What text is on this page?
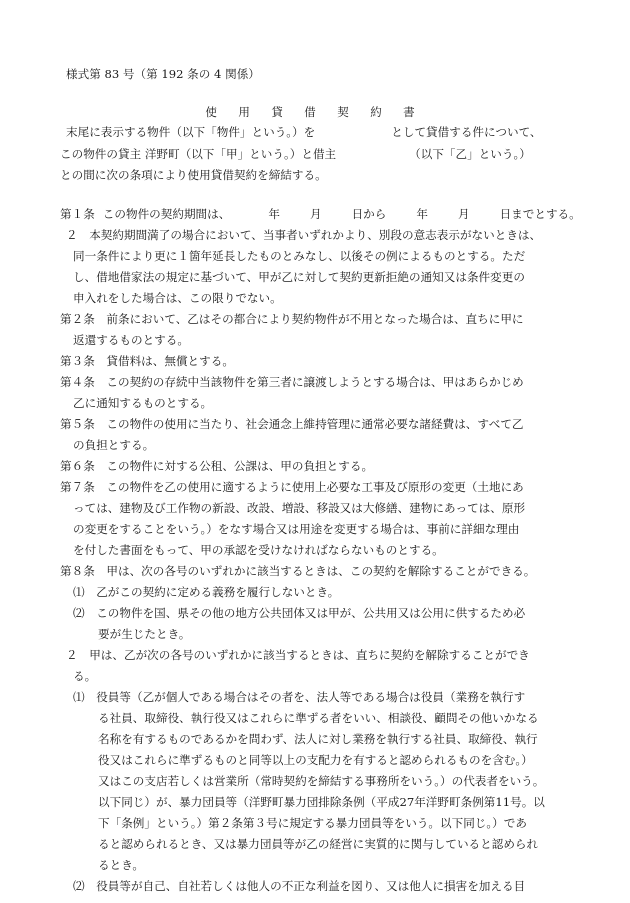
様式第 83 号（第 192 条の 4 関係）
使 用 貸 借 契 約 書
末尾に表示する物件（以下「物件」という。）を	として貸借する件について、
この物件の貸主 洋野町（以下「甲」という。）と借主	（以下「乙」という。）
との間に次の条項により使用貸借契約を締結する。
第１条 この物件の契約期間は、	年	月	日から	年	月	日までとする。
２　本契約期間満了の場合において、当事者いずれかより、別段の意志表示がないときは、
同一条件により更に１箇年延長したものとみなし、以後その例によるものとする。ただ
し、借地借家法の規定に基づいて、甲が乙に対して契約更新拒絶の通知又は条件変更の
申入れをした場合は、この限りでない。
第２条　前条において、乙はその都合により契約物件が不用となった場合は、直ちに甲に
返還するものとする。
第３条　貸借料は、無償とする。
第４条　この契約の存続中当該物件を第三者に譲渡しようとする場合は、甲はあらかじめ
乙に通知するものとする。
第５条　この物件の使用に当たり、社会通念上維持管理に通常必要な諸経費は、すべて乙
の負担とする。
第６条　この物件に対する公租、公課は、甲の負担とする。
第７条　この物件を乙の使用に適するように使用上必要な工事及び原形の変更（土地にあ
っては、建物及び工作物の新設、改設、増設、移設又は大修繕、建物にあっては、原形
の変更をすることをいう。）をなす場合又は用途を変更する場合は、事前に詳細な理由
を付した書面をもって、甲の承認を受けなければならないものとする。
第８条　甲は、次の各号のいずれかに該当するときは、この契約を解除することができる。
⑴　乙がこの契約に定める義務を履行しないとき。
⑵　この物件を国、県その他の地方公共団体又は甲が、公共用又は公用に供するため必
要が生じたとき。
２　甲は、乙が次の各号のいずれかに該当するときは、直ちに契約を解除することができ
る。
⑴　役員等（乙が個人である場合はその者を、法人等である場合は役員（業務を執行す
る社員、取締役、執行役又はこれらに準ずる者をいい、相談役、顧問その他いかなる
名称を有するものであるかを問わず、法人に対し業務を執行する社員、取締役、執行
役又はこれらに準ずるものと同等以上の支配力を有すると認められるものを含む。）
又はこの支店若しくは営業所（常時契約を締結する事務所をいう。）の代表者をいう。
以下同じ）が、暴力団員等（洋野町暴力団排除条例（平成27年洋野町条例第11号。以
下「条例」という。）第２条第３号に規定する暴力団員等をいう。以下同じ。）であ
ると認められるとき、又は暴力団員等が乙の経営に実質的に関与していると認められ
るとき。
⑵　役員等が自己、自社若しくは他人の不正な利益を図り、又は他人に損害を加える目
